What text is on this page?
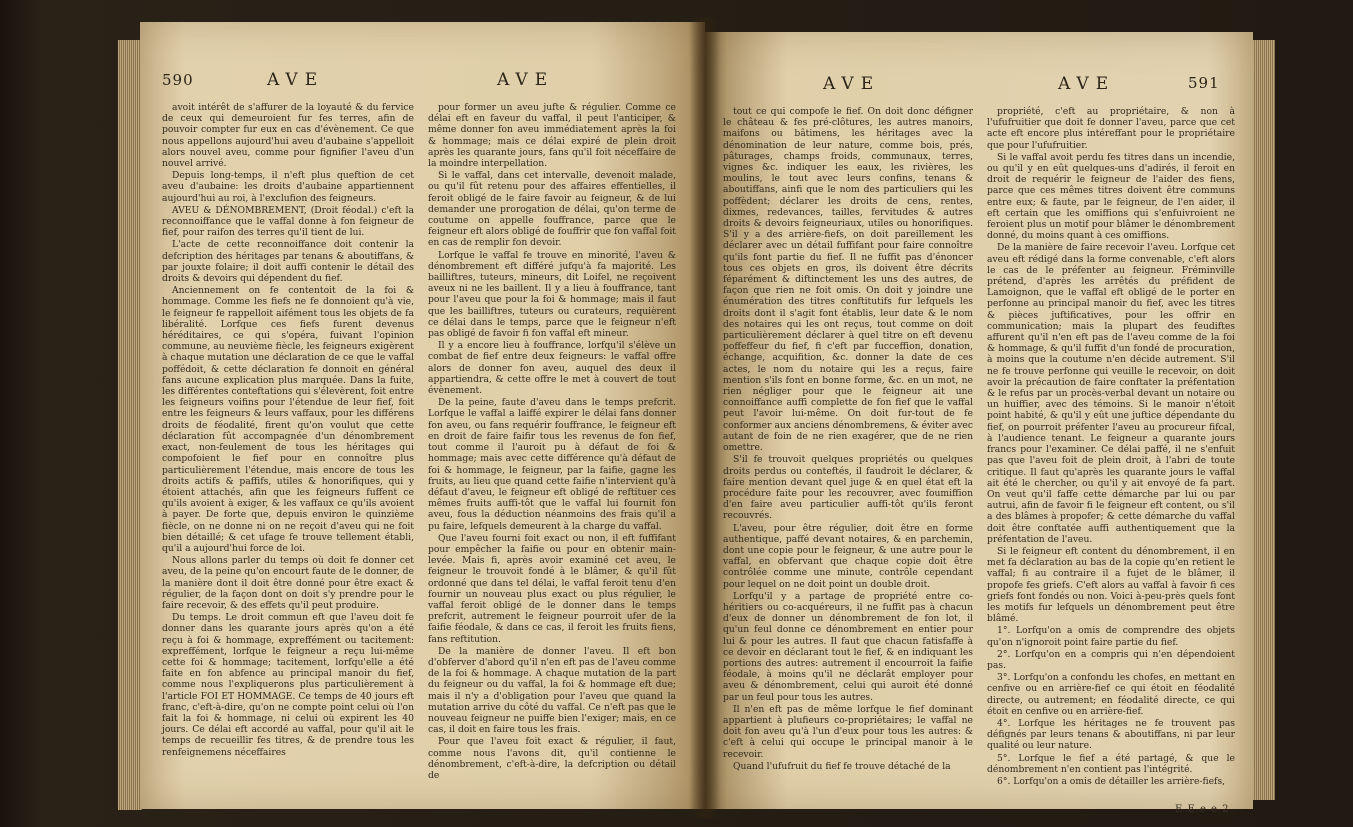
590	AVE	AVE

avoit intérêt de s'affurer de la loyauté & du fervice de ceux qui demeuroient fur fes terres, afin de pouvoir compter fur eux en cas d'évènement. Ce que nous appellons aujourd'hui aveu d'aubaine s'appelloit alors nouvel aveu, comme pour fignifier l'aveu d'un nouvel arrivé.

Depuis long-temps, il n'eft plus queftion de cet aveu d'aubaine: les droits d'aubaine appartiennent aujourd'hui au roi, à l'exclufion des feigneurs.

AVEU & DÉNOMBREMENT, (Droit féodal.) c'eft la reconnoiffance que le vaffal donne à fon feigneur de fief, pour raifon des terres qu'il tient de lui.

L'acte de cette reconnoiffance doit contenir la defcription des héritages par tenans & aboutiffans, & par jouxte folaire; il doit auffi contenir le détail des droits & devoirs qui dépendent du fief.

Anciennement on fe contentoit de la foi & hommage. Comme les fiefs ne fe donnoient qu'à vie, le feigneur fe rappelloit aifément tous les objets de fa libéralité. Lorfque ces fiefs furent devenus héréditaires, ce qui s'opéra, fuivant l'opinion commune, au neuvième fiècle, les feigneurs exigèrent à chaque mutation une déclaration de ce que le vaffal poffédoit, & cette déclaration fe donnoit en général fans aucune explication plus marquée. Dans la fuite, les différentes conteftations qui s'élevèrent, foit entre les feigneurs voifins pour l'étendue de leur fief, foit entre les feigneurs & leurs vaffaux, pour les différens droits de féodalité, firent qu'on voulut que cette déclaration fût accompagnée d'un dénombrement exact, non-feulement de tous les héritages qui compofoient le fief pour en connoître plus particulièrement l'étendue, mais encore de tous les droits actifs & paffifs, utiles & honorifiques, qui y étoient attachés, afin que les feigneurs fuffent ce qu'ils avoient à exiger, & les vaffaux ce qu'ils avoient à payer. De forte que, depuis environ le quinzième fiècle, on ne donne ni on ne reçoit d'aveu qui ne foit bien détaillé; & cet ufage fe trouve tellement établi, qu'il a aujourd'hui force de loi.

Nous allons parler du temps où doit fe donner cet aveu, de la peine qu'on encourt faute de le donner, de la manière dont il doit être donné pour être exact & régulier, de la façon dont on doit s'y prendre pour le faire recevoir, & des effets qu'il peut produire.

Du temps. Le droit commun eft que l'aveu doit fe donner dans les quarante jours après qu'on a été reçu à foi & hommage, expreffément ou tacitement: expreffément, lorfque le feigneur a reçu lui-même cette foi & hommage; tacitement, lorfqu'elle a été faite en fon abfence au principal manoir du fief, comme nous l'expliquerons plus particulièrement à l'article FOI ET HOMMAGE. Ce temps de 40 jours eft franc, c'eft-à-dire, qu'on ne compte point celui où l'on fait la foi & hommage, ni celui où expirent les 40 jours. Ce délai eft accordé au vaffal, pour qu'il ait le temps de recueillir fes titres, & de prendre tous les renfeignemens néceffaires

pour former un aveu jufte & régulier. Comme ce délai eft en faveur du vaffal, il peut l'anticiper, & même donner fon aveu immédiatement après la foi & hommage; mais ce délai expiré de plein droit après les quarante jours, fans qu'il foit néceffaire de la moindre interpellation.

Si le vaffal, dans cet intervalle, devenoit malade, ou qu'il fût retenu pour des affaires effentielles, il feroit obligé de le faire favoir au feigneur, & de lui demander une prorogation de délai, qu'on terme de coutume on appelle fouffrance, parce que le feigneur eft alors obligé de fouffrir que fon vaffal foit en cas de remplir fon devoir.

Lorfque le vaffal fe trouve en minorité, l'aveu & dénombrement eft différé jufqu'à fa majorité. Les bailliftres, tuteurs, mineurs, dit Loifel, ne reçoivent aveux ni ne les baillent. Il y a lieu à fouffrance, tant pour l'aveu que pour la foi & hommage; mais il faut que les bailliftres, tuteurs ou curateurs, requièrent ce délai dans le temps, parce que le feigneur n'eft pas obligé de favoir fi fon vaffal eft mineur.

Il y a encore lieu à fouffrance, lorfqu'il s'élève un combat de fief entre deux feigneurs: le vaffal offre alors de donner fon aveu, auquel des deux il appartiendra, & cette offre le met à couvert de tout évènement.

De la peine, faute d'aveu dans le temps prefcrit. Lorfque le vaffal a laiffé expirer le délai fans donner fon aveu, ou fans requérir fouffrance, le feigneur eft en droit de faire faifir tous les revenus de fon fief, tout comme il l'auroit pu à défaut de foi & hommage; mais avec cette différence qu'à défaut de foi & hommage, le feigneur, par la faifie, gagne les fruits, au lieu que quand cette faifie n'intervient qu'à défaut d'aveu, le feigneur eft obligé de reftituer ces mêmes fruits auffi-tôt que le vaffal lui fournit fon aveu, fous la déduction néanmoins des frais qu'il a pu faire, lefquels demeurent à la charge du vaffal.

Que l'aveu fourni foit exact ou non, il eft fuffifant pour empêcher la faifie ou pour en obtenir main-levée. Mais fi, après avoir examiné cet aveu, le feigneur le trouvoit fondé à le blâmer, & qu'il fût ordonné que dans tel délai, le vaffal feroit tenu d'en fournir un nouveau plus exact ou plus régulier, le vaffal feroit obligé de le donner dans le temps prefcrit, autrement le feigneur pourroit ufer de la faifie féodale, & dans ce cas, il feroit les fruits fiens, fans reftitution.

De la manière de donner l'aveu. Il eft bon d'obferver d'abord qu'il n'en eft pas de l'aveu comme de la foi & hommage. A chaque mutation de la part du feigneur ou du vaffal, la foi & hommage eft due; mais il n'y a d'obligation pour l'aveu que quand la mutation arrive du côté du vaffal. Ce n'eft pas que le nouveau feigneur ne puiffe bien l'exiger; mais, en ce cas, il doit en faire tous les frais.

Pour que l'aveu foit exact & régulier, il faut, comme nous l'avons dit, qu'il contienne le dénombrement, c'eft-à-dire, la defcription ou détail de

AVE	AVE	591

tout ce qui compofe le fief. On doit donc défigner le château & fes pré-clôtures, les autres manoirs, maifons ou bâtimens, les héritages avec la dénomination de leur nature, comme bois, prés, pâturages, champs froids, communaux, terres, vignes &c. indiquer les eaux, les rivières, les moulins, le tout avec leurs confins, tenans & aboutiffans, ainfi que le nom des particuliers qui les poffèdent; déclarer les droits de cens, rentes, dixmes, redevances, tailles, fervitudes & autres droits & devoirs feigneuriaux, utiles ou honorifiques. S'il y a des arrière-fiefs, on doit pareillement les déclarer avec un détail fuffifant pour faire connoître qu'ils font partie du fief. Il ne fuffit pas d'énoncer tous ces objets en gros, ils doivent être décrits féparément & diftinctement les uns des autres, de façon que rien ne foit omis. On doit y joindre une énumération des titres conftitutifs fur lefquels les droits dont il s'agit font établis, leur date & le nom des notaires qui les ont reçus, tout comme on doit particulièrement déclarer à quel titre on eft devenu poffeffeur du fief, fi c'eft par fucceffion, donation, échange, acquifition, &c. donner la date de ces actes, le nom du notaire qui les a reçus, faire mention s'ils font en bonne forme, &c. en un mot, ne rien négliger pour que le feigneur ait une connoiffance auffi complette de fon fief que le vaffal peut l'avoir lui-même. On doit fur-tout de fe conformer aux anciens dénombremens, & éviter avec autant de foin de ne rien exagérer, que de ne rien omettre.

S'il fe trouvoit quelques propriétés ou quelques droits perdus ou conteftés, il faudroit le déclarer, & faire mention devant quel juge & en quel état eft la procédure faite pour les recouvrer, avec foumiffion d'en faire aveu particulier auffi-tôt qu'ils feront recouvrés.

L'aveu, pour être régulier, doit être en forme authentique, paffé devant notaires, & en parchemin, dont une copie pour le feigneur, & une autre pour le vaffal, en obfervant que chaque copie doit être contrôlée comme une minute, contrôle cependant pour lequel on ne doit point un double droit.

Lorfqu'il y a partage de propriété entre co-héritiers ou co-acquéreurs, il ne fuffit pas à chacun d'eux de donner un dénombrement de fon lot, il qu'un feul donne ce dénombrement en entier pour lui & pour les autres. Il faut que chacun fatisfaffe à ce devoir en déclarant tout le fief, & en indiquant les portions des autres: autrement il encourroit la faifie féodale, à moins qu'il ne déclarât employer pour aveu & dénombrement, celui qui auroit été donné par un feul pour tous les autres.

Il n'en eft pas de même lorfque le fief dominant appartient à plufieurs co-propriétaires; le vaffal ne doit fon aveu qu'à l'un d'eux pour tous les autres: & c'eft à celui qui occupe le principal manoir à le recevoir.

Quand l'ufufruit du fief fe trouve détaché de la

propriété, c'eft au propriétaire, & non à l'ufufruitier que doit fe donner l'aveu, parce que cet acte eft encore plus intéreffant pour le propriétaire que pour l'ufufruitier.

Si le vaffal avoit perdu fes titres dans un incendie, ou qu'il y en eût quelques-uns d'adirés, il feroit en droit de requérir le feigneur de l'aider des fiens, parce que ces mêmes titres doivent être communs entre eux; & faute, par le feigneur, de l'en aider, il eft certain que les omiffions qui s'enfuivroient ne feroient plus un motif pour blâmer le dénombrement donné, du moins quant à ces omiffions.

De la manière de faire recevoir l'aveu. Lorfque cet aveu eft rédigé dans la forme convenable, c'eft alors le cas de le préfenter au feigneur. Fréminville prétend, d'après les arrêtés du préfident de Lamoignon, que le vaffal eft obligé de le porter en perfonne au principal manoir du fief, avec les titres & pièces juftificatives, pour les offrir en communication; mais la plupart des feudiftes affurent qu'il n'en eft pas de l'aveu comme de la foi & hommage, & qu'il fuffit d'un fondé de procuration, à moins que la coutume n'en décide autrement. S'il ne fe trouve perfonne qui veuille le recevoir, on doit avoir la précaution de faire conftater la préfentation & le refus par un procès-verbal devant un notaire ou un huiffier, avec des témoins. Si le manoir n'étoit point habité, & qu'il y eût une juftice dépendante du fief, on pourroit préfenter l'aveu au procureur fifcal, à l'audience tenant. Le feigneur a quarante jours francs pour l'examiner. Ce délai paffé, il ne s'enfuit pas que l'aveu foit de plein droit, à l'abri de toute critique. Il faut qu'après les quarante jours le vaffal ait été le chercher, ou qu'il y ait envoyé de fa part. On veut qu'il faffe cette démarche par lui ou par autrui, afin de favoir fi le feigneur eft content, ou s'il a des blâmes à propofer; & cette démarche du vaffal doit être conftatée auffi authentiquement que la préfentation de l'aveu.

Si le feigneur eft content du dénombrement, il en met fa déclaration au bas de la copie qu'en retient le vaffal; fi au contraire il a fujet de le blâmer, il propofe fes griefs. C'eft alors au vaffal à favoir fi ces griefs font fondés ou non. Voici à-peu-près quels font les motifs fur lefquels un dénombrement peut être blâmé.

1°. Lorfqu'on a omis de comprendre des objets qu'on n'ignoroit point faire partie du fief.

2°. Lorfqu'on en a compris qui n'en dépendoient pas.

3°. Lorfqu'on a confondu les chofes, en mettant en cenfive ou en arrière-fief ce qui étoit en féodalité directe, ou autrement; en féodalité directe, ce qui étoit en cenfive ou en arrière-fief.

4°. Lorfque les héritages ne fe trouvent pas défignés par leurs tenans & aboutiffans, ni par leur qualité ou leur nature.

5°. Lorfque le fief a été partagé, & que le dénombrement n'en contient pas l'intégrité.

6°. Lorfqu'on a omis de détailler les arrière-fiefs,

E E e e 2
